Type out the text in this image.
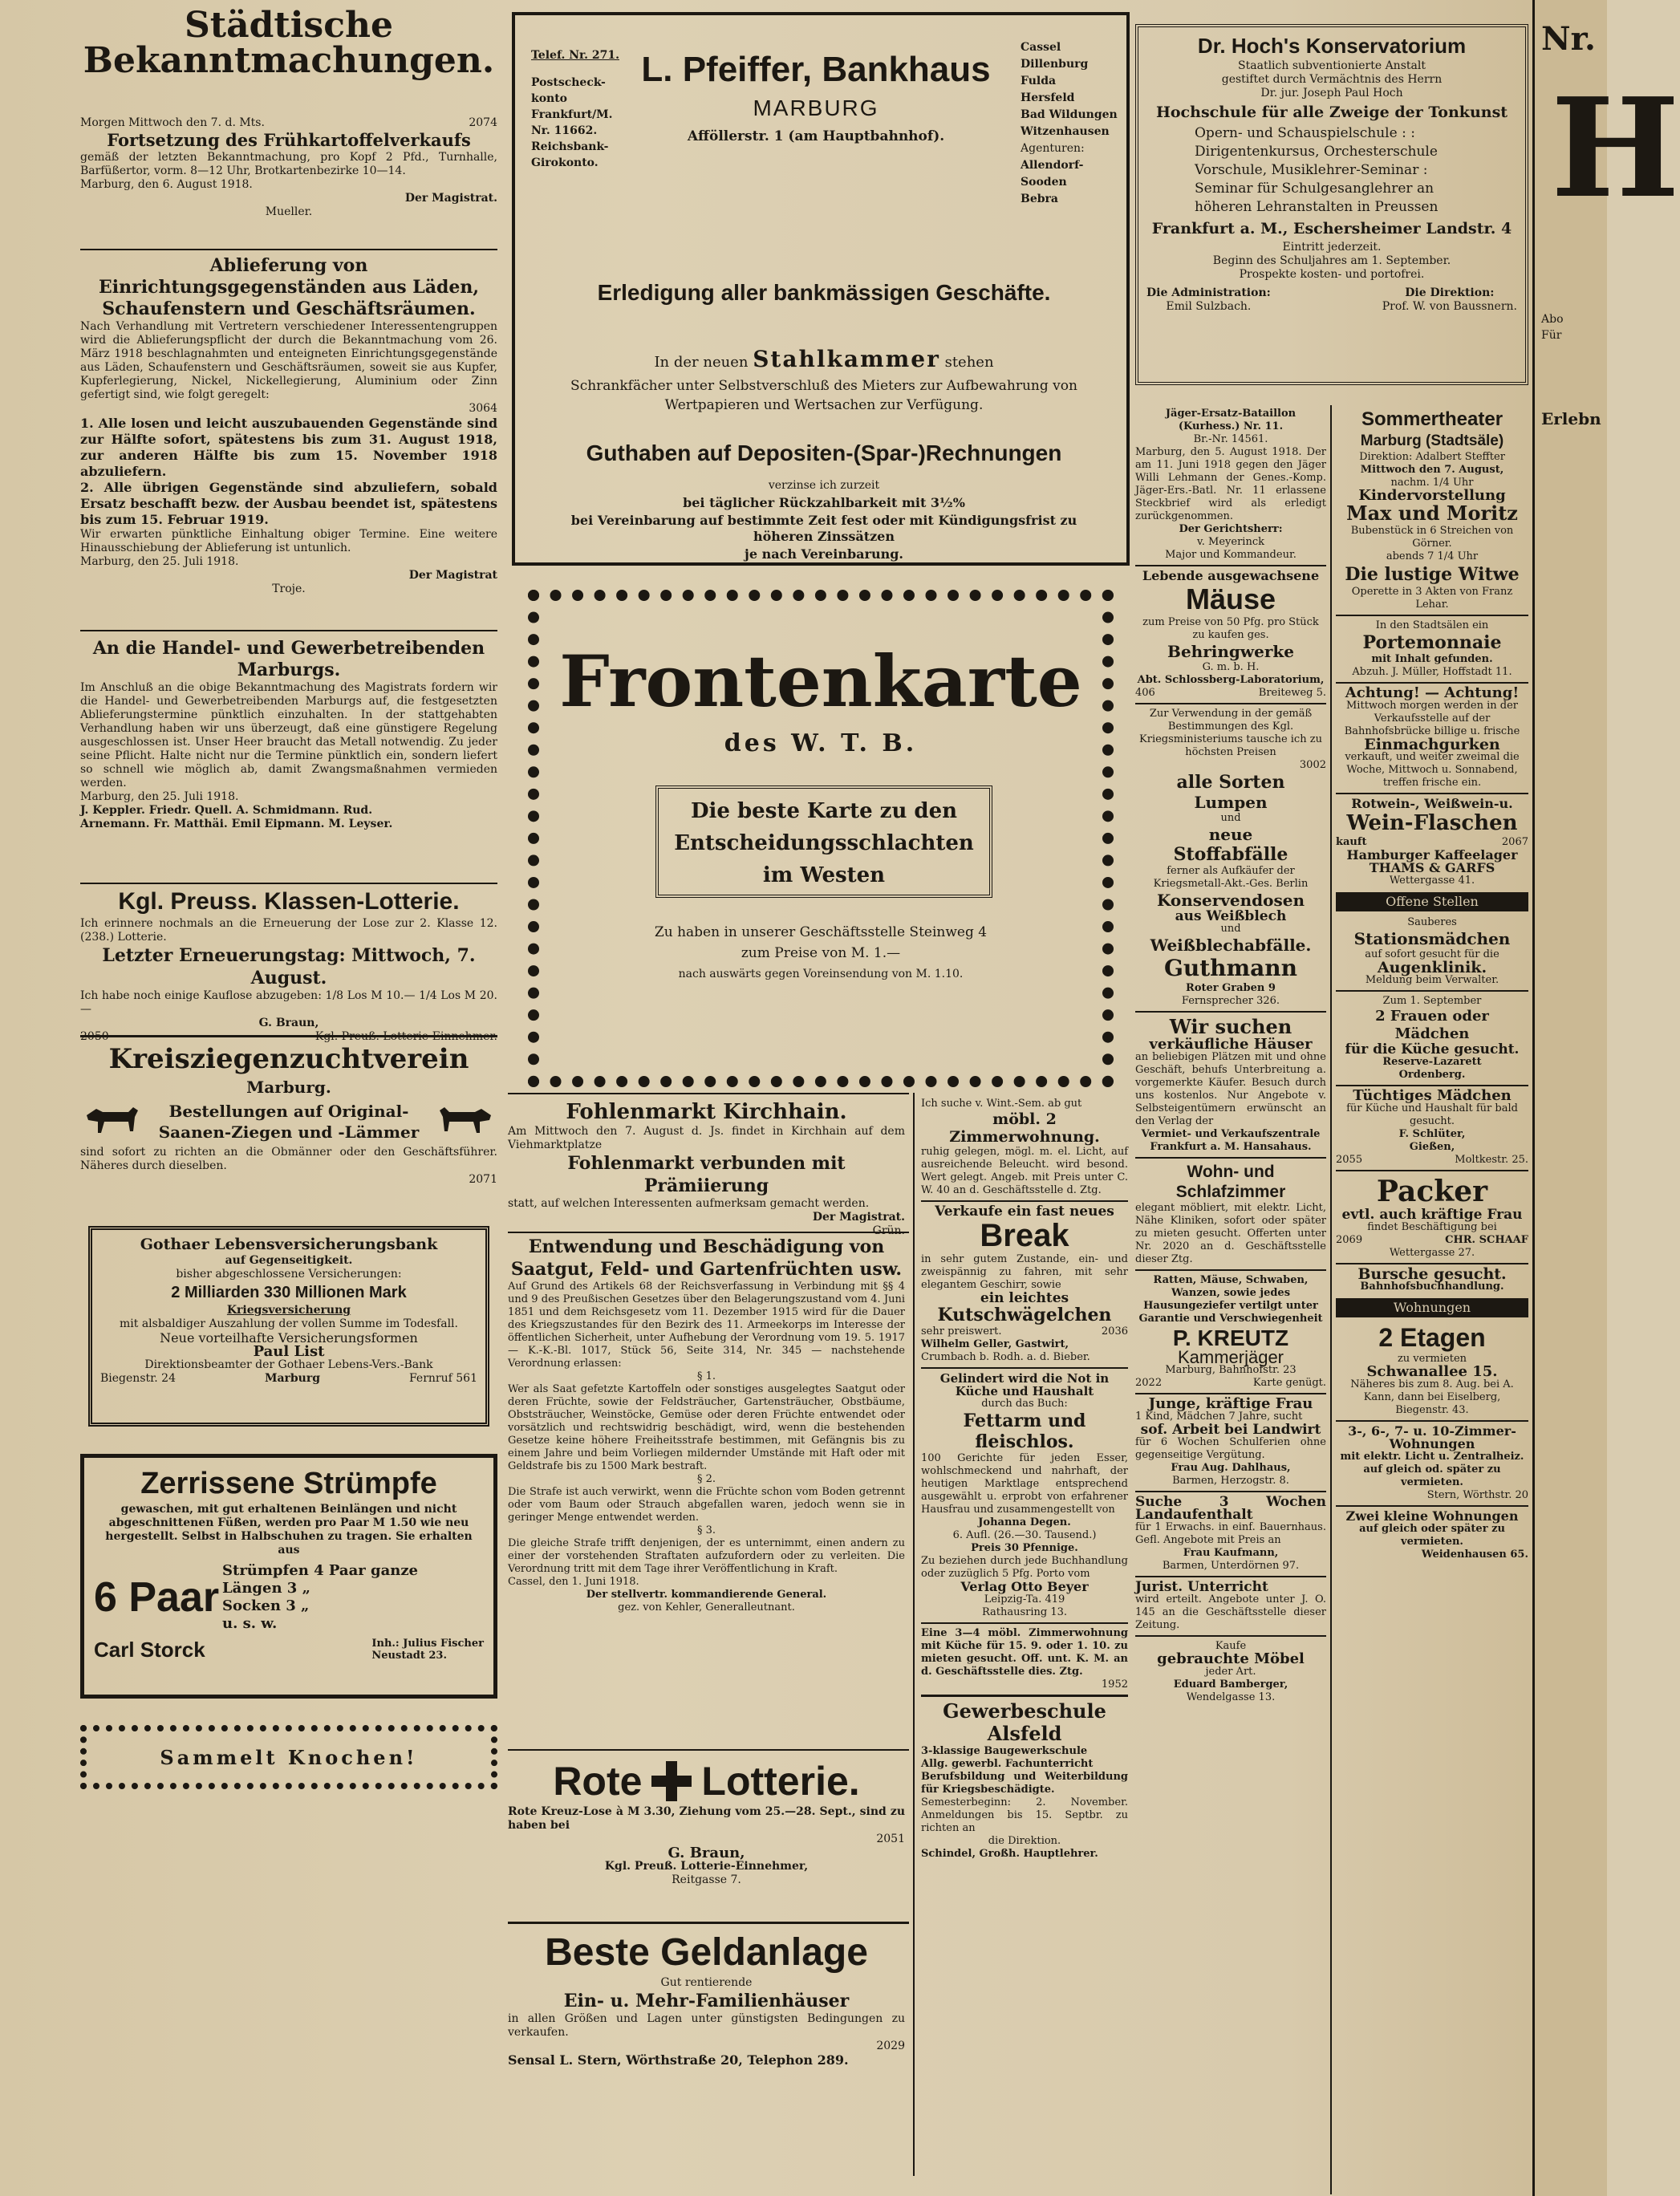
Städtische Bekanntmachungen.
Morgen Mittwoch den 7. d. Mts.	2074
Fortsetzung des Frühkartoffelverkaufs

gemäß der letzten Bekanntmachung, pro Kopf 2 Pfd., Turnhalle, Barfüßertor, vorm. 8—12 Uhr, Brotkartenbezirke 10—14.

Marburg, den 6. August 1918.

Der Magistrat.
Mueller.
Ablieferung von Einrichtungsgegenständen aus Läden, Schaufenstern und Geschäftsräumen.

Nach Verhandlung mit Vertretern verschiedener Interessentengruppen wird die Ablieferungspflicht der durch die Bekanntmachung vom 26. März 1918 beschlagnahmten und enteigneten Einrichtungsgegenstände aus Läden, Schaufenstern und Geschäftsräumen, soweit sie aus Kupfer, Kupferlegierung, Nickel, Nickellegierung, Aluminium oder Zinn gefertigt sind, wie folgt geregelt:

3064

1. Alle losen und leicht auszubauenden Gegenstände sind zur Hälfte sofort, spätestens bis zum 31. August 1918, zur anderen Hälfte bis zum 15. November 1918 abzuliefern.

2. Alle übrigen Gegenstände sind abzuliefern, sobald Ersatz beschafft bezw. der Ausbau beendet ist, spätestens bis zum 15. Februar 1919.

Wir erwarten pünktliche Einhaltung obiger Termine. Eine weitere Hinausschiebung der Ablieferung ist untunlich.

Marburg, den 25. Juli 1918.

Der Magistrat
Troje.
An die Handel- und Gewerbetreibenden Marburgs.

Im Anschluß an die obige Bekanntmachung des Magistrats fordern wir die Handel- und Gewerbetreibenden Marburgs auf, die festgesetzten Ablieferungstermine pünktlich einzuhalten. In der stattgehabten Verhandlung haben wir uns überzeugt, daß eine günstigere Regelung ausgeschlossen ist. Unser Heer braucht das Metall notwendig. Zu jeder seine Pflicht. Halte nicht nur die Termine pünktlich ein, sondern liefert so schnell wie möglich ab, damit Zwangsmaßnahmen vermieden werden.

Marburg, den 25. Juli 1918.

J. Keppler. Friedr. Quell. A. Schmidmann. Rud.

Arnemann. Fr. Matthäi. Emil Eipmann. M. Leyser.

Kgl. Preuss. Klassen-Lotterie.

Ich erinnere nochmals an die Erneuerung der Lose zur 2. Klasse 12. (238.) Lotterie.

Letzter Erneuerungstag: Mittwoch, 7. August.

Ich habe noch einige Kauflose abzugeben: 1/8 Los M 10.— 1/4 Los M 20.—

G. Braun,
2050	Kgl. Preuß. Lotterie-Einnehmer.
Kreisziegenzuchtverein
Marburg.
Bestellungen auf Original-
Saanen-Ziegen und -Lämmer

sind sofort zu richten an die Obmänner oder den Geschäftsführer. Näheres durch dieselben.

2071
Gothaer Lebensversicherungsbank
auf Gegenseitigkeit.
bisher abgeschlossene Versicherungen:
2 Milliarden 330 Millionen Mark
Kriegsversicherung
mit alsbaldiger Auszahlung der vollen Summe im Todesfall.
Neue vorteilhafte Versicherungsformen
Paul List
Direktionsbeamter der Gothaer Lebens-Vers.-Bank
Biegenstr. 24	Marburg	Fernruf 561
Zerrissene Strümpfe

gewaschen, mit gut erhaltenen Beinlängen und nicht abgeschnittenen Füßen, werden pro Paar M 1.50 wie neu hergestellt. Selbst in Halbschuhen zu tragen. Sie erhalten aus

6 Paar
Strümpfen 4 Paar ganze
Längen 3 „
Socken 3 „
u. s. w.
Carl Storck	Inh.: Julius Fischer
Neustadt 23.
Sammelt Knochen!
Telef. Nr. 271.
Postscheck-
konto
Frankfurt/M.
Nr. 11662.
Reichsbank-
Girokonto.
L. Pfeiffer, Bankhaus
MARBURG
Afföllerstr. 1 (am Hauptbahnhof).
Cassel
Dillenburg
Fulda
Hersfeld
Bad Wildungen
Witzenhausen
Agenturen:
Allendorf-
Sooden
Bebra
Erledigung aller bankmässigen Geschäfte.
In der neuen Stahlkammer stehen
Schrankfächer unter Selbstverschluß des Mieters zur Aufbewahrung von Wertpapieren und Wertsachen zur Verfügung.
Guthaben auf Depositen-(Spar-)Rechnungen
verzinse ich zurzeit
bei täglicher Rückzahlbarkeit mit 3½%
bei Vereinbarung auf bestimmte Zeit fest oder mit Kündigungsfrist zu höheren Zinssätzen
je nach Vereinbarung.
Frontenkarte
des W. T. B.
Die beste Karte zu den
Entscheidungsschlachten
im Westen
Zu haben in unserer Geschäftsstelle Steinweg 4
zum Preise von M. 1.—
nach auswärts gegen Voreinsendung von M. 1.10.
Fohlenmarkt Kirchhain.

Am Mittwoch den 7. August d. Js. findet in Kirchhain auf dem Viehmarktplatze

Fohlenmarkt verbunden mit Prämiierung

statt, auf welchen Interessenten aufmerksam gemacht werden.

Der Magistrat.
Grün.
Entwendung und Beschädigung von Saatgut, Feld- und Gartenfrüchten usw.

Auf Grund des Artikels 68 der Reichsverfassung in Verbindung mit §§ 4 und 9 des Preußischen Gesetzes über den Belagerungszustand vom 4. Juni 1851 und dem Reichsgesetz vom 11. Dezember 1915 wird für die Dauer des Kriegszustandes für den Bezirk des 11. Armeekorps im Interesse der öffentlichen Sicherheit, unter Aufhebung der Verordnung vom 19. 5. 1917 — K.-K.-Bl. 1017, Stück 56, Seite 314, Nr. 345 — nachstehende Verordnung erlassen:

§ 1.

Wer als Saat gefetzte Kartoffeln oder sonstiges ausgelegtes Saatgut oder deren Früchte, sowie der Feldsträucher, Gartensträucher, Obstbäume, Obststräucher, Weinstöcke, Gemüse oder deren Früchte entwendet oder vorsätzlich und rechtswidrig beschädigt, wird, wenn die bestehenden Gesetze keine höhere Freiheitsstrafe bestimmen, mit Gefängnis bis zu einem Jahre und beim Vorliegen mildernder Umstände mit Haft oder mit Geldstrafe bis zu 1500 Mark bestraft.

§ 2.

Die Strafe ist auch verwirkt, wenn die Früchte schon vom Boden getrennt oder vom Baum oder Strauch abgefallen waren, jedoch wenn sie in geringer Menge entwendet werden.

§ 3.

Die gleiche Strafe trifft denjenigen, der es unternimmt, einen andern zu einer der vorstehenden Straftaten aufzufordern oder zu verleiten. Die Verordnung tritt mit dem Tage ihrer Veröffentlichung in Kraft.

Cassel, den 1. Juni 1918.

Der stellvertr. kommandierende General.
gez. von Kehler, Generalleutnant.
Rote Lotterie.

Rote Kreuz-Lose à M 3.30, Ziehung vom 25.—28. Sept., sind zu haben bei

2051
G. Braun,
Kgl. Preuß. Lotterie-Einnehmer,
Reitgasse 7.
Beste Geldanlage
Gut rentierende
Ein- u. Mehr-Familienhäuser

in allen Größen und Lagen unter günstigsten Bedingungen zu verkaufen.

2029
Sensal L. Stern, Wörthstraße 20, Telephon 289.
Ich suche v. Wint.-Sem. ab gut
möbl. 2 Zimmerwohnung.

ruhig gelegen, mögl. m. el. Licht, auf ausreichende Beleucht. wird besond. Wert gelegt. Angeb. mit Preis unter C. W. 40 an d. Geschäftsstelle d. Ztg.

Verkaufe ein fast neues
Break

in sehr gutem Zustande, ein- und zweispännig zu fahren, mit sehr elegantem Geschirr, sowie

ein leichtes
Kutschwägelchen
sehr preiswert.	2036
Wilhelm Geller, Gastwirt,
Crumbach b. Rodh. a. d. Bieber.
Gelindert wird die Not in Küche und Haushalt
durch das Buch:
Fettarm und fleischlos.

100 Gerichte für jeden Esser, wohlschmeckend und nahrhaft, der heutigen Marktlage entsprechend ausgewählt u. erprobt von erfahrener Hausfrau und zusammengestellt von

Johanna Degen.
6. Aufl. (26.—30. Tausend.)
Preis 30 Pfennige.

Zu beziehen durch jede Buchhandlung oder zuzüglich 5 Pfg. Porto vom

Verlag Otto Beyer
Leipzig-Ta. 419
Rathausring 13.

Eine 3—4 möbl. Zimmerwohnung mit Küche für 15. 9. oder 1. 10. zu mieten gesucht. Off. unt. K. M. an d. Geschäftsstelle dies. Ztg.

1952
Gewerbeschule Alsfeld
3-klassige Baugewerkschule
Allg. gewerbl. Fachunterricht
Berufsbildung und Weiterbildung für Kriegsbeschädigte.

Semesterbeginn: 2. November. Anmeldungen bis 15. Septbr. zu richten an

die Direktion.
Schindel, Großh. Hauptlehrer.
Dr. Hoch's Konservatorium
Staatlich subventionierte Anstalt
gestiftet durch Vermächtnis des Herrn
Dr. jur. Joseph Paul Hoch
Hochschule für alle Zweige der Tonkunst
Opern- und Schauspielschule : :
Dirigentenkursus, Orchesterschule
Vorschule, Musiklehrer-Seminar :
Seminar für Schulgesanglehrer an
höheren Lehranstalten in Preussen
Frankfurt a. M., Eschersheimer Landstr. 4
Eintritt jederzeit.
Beginn des Schuljahres am 1. September.
Prospekte kosten- und portofrei.
Die Administration:
Emil Sulzbach.
Die Direktion:
Prof. W. von Baussnern.
Jäger-Ersatz-Bataillon
(Kurhess.) Nr. 11.
Br.-Nr. 14561.

Marburg, den 5. August 1918. Der am 11. Juni 1918 gegen den Jäger Willi Lehmann der Genes.-Komp. Jäger-Ers.-Batl. Nr. 11 erlassene Steckbrief wird als erledigt zurückgenommen.

Der Gerichtsherr:
v. Meyerinck
Major und Kommandeur.
Lebende ausgewachsene
Mäuse
zum Preise von 50 Pfg. pro Stück zu kaufen ges.
Behringwerke
G. m. b. H.
Abt. Schlossberg-Laboratorium,
406	Breiteweg 5.

Zur Verwendung in der gemäß Bestimmungen des Kgl. Kriegsministeriums tausche ich zu höchsten Preisen

3002
alle Sorten
Lumpen
und
neue
Stoffabfälle
ferner als Aufkäufer der Kriegsmetall-Akt.-Ges. Berlin
Konservendosen
aus Weißblech
und
Weißblechabfälle.
Guthmann
Roter Graben 9
Fernsprecher 326.
Wir suchen
verkäufliche Häuser

an beliebigen Plätzen mit und ohne Geschäft, behufs Unterbreitung a. vorgemerkte Käufer. Besuch durch uns kostenlos. Nur Angebote v. Selbsteigentümern erwünscht an den Verlag der

Vermiet- und Verkaufszentrale
Frankfurt a. M. Hansahaus.
Wohn- und
Schlafzimmer

elegant möbliert, mit elektr. Licht, Nähe Kliniken, sofort oder später zu mieten gesucht. Offerten unter Nr. 2020 an d. Geschäftsstelle dieser Ztg.

Ratten, Mäuse, Schwaben, Wanzen, sowie jedes Hausungeziefer vertilgt unter Garantie und Verschwiegenheit

P. KREUTZ
Kammerjäger
Marburg, Bahnhofstr. 23
2022	Karte genügt.
Junge, kräftige Frau
1 Kind, Mädchen 7 Jahre, sucht
sof. Arbeit bei Landwirt

für 6 Wochen Schulferien ohne gegenseitige Vergütung.

Frau Aug. Dahlhaus,
Barmen, Herzogstr. 8.
Suche 3 Wochen Landaufenthalt

für 1 Erwachs. in einf. Bauernhaus. Gefl. Angebote mit Preis an

Frau Kaufmann,
Barmen, Unterdörnen 97.
Jurist. Unterricht

wird erteilt. Angebote unter J. O. 145 an die Geschäftsstelle dieser Zeitung.

Kaufe
gebrauchte Möbel
jeder Art.
Eduard Bamberger,
Wendelgasse 13.
Sommertheater
Marburg (Stadtsäle)
Direktion: Adalbert Steffter
Mittwoch den 7. August,
nachm. 1/4 Uhr
Kindervorstellung
Max und Moritz
Bubenstück in 6 Streichen von Görner.
abends 7 1/4 Uhr
Die lustige Witwe
Operette in 3 Akten von Franz Lehar.
In den Stadtsälen ein
Portemonnaie
mit Inhalt gefunden.
Abzuh. J. Müller, Hoffstadt 11.
Achtung! — Achtung!

Mittwoch morgen werden in der Verkaufsstelle auf der Bahnhofsbrücke billige u. frische

Einmachgurken

verkauft, und weiter zweimal die Woche, Mittwoch u. Sonnabend, treffen frische ein.

Rotwein-, Weißwein-u.
Wein-Flaschen
kauft	2067
Hamburger Kaffeelager
THAMS & GARFS
Wettergasse 41.
Offene Stellen
Sauberes
Stationsmädchen
auf sofort gesucht für die
Augenklinik.
Meldung beim Verwalter.
Zum 1. September
2 Frauen oder Mädchen
für die Küche gesucht.
Reserve-Lazarett
Ordenberg.
Tüchtiges Mädchen

für Küche und Haushalt für bald gesucht.

F. Schlüter,
Gießen,
2055	Moltkestr. 25.
Packer
evtl. auch kräftige Frau
findet Beschäftigung bei
2069	CHR. SCHAAF
Wettergasse 27.
Bursche gesucht.
Bahnhofsbuchhandlung.
Wohnungen
2 Etagen
zu vermieten
Schwanallee 15.

Näheres bis zum 8. Aug. bei A. Kann, dann bei Eiselberg, Biegenstr. 43.

3-, 6-, 7- u. 10-Zimmer-Wohnungen

mit elektr. Licht u. Zentralheiz. auf gleich od. später zu vermieten.

Stern, Wörthstr. 20
Zwei kleine Wohnungen

auf gleich oder später zu vermieten.

Weidenhausen 65.
Nr.
H
Abo
Für
Erlebn
